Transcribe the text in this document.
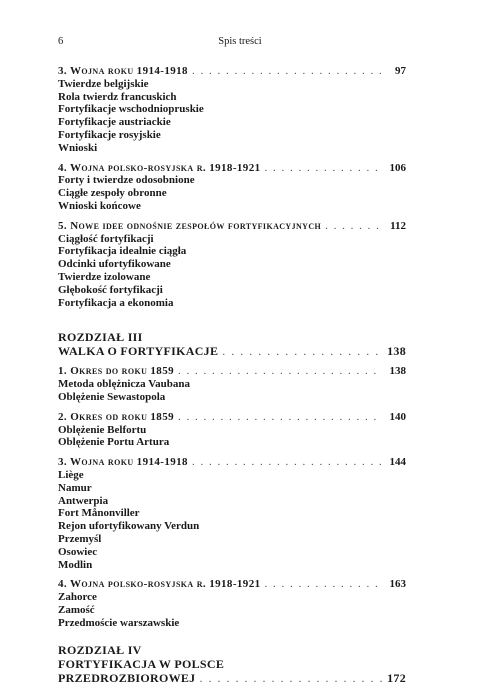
6	Spis treści
3. Wojna roku 1914-1918 . . .	97
Twierdze belgijskie
Rola twierdz francuskich
Fortyfikacje wschodniopruskie
Fortyfikacje austriackie
Fortyfikacje rosyjskie
Wnioski
4. Wojna polsko-rosyjska r. 1918-1921 . . .	106
Forty i twierdze odosobnione
Ciągłe zespoły obronne
Wnioski końcowe
5. Nowe idee odnośnie zespołów fortyfikacyjnych . . .	112
Ciągłość fortyfikacji
Fortyfikacja idealnie ciągła
Odcinki ufortyfikowane
Twierdze izolowane
Głębokość fortyfikacji
Fortyfikacja a ekonomia
ROZDZIAŁ III
WALKA O FORTYFIKACJE . . .	138
1. Okres do roku 1859 . . .	138
Metoda oblężnicza Vaubana
Oblężenie Sewastopola
2. Okres od roku 1859 . . .	140
Oblężenie Belfortu
Oblężenie Portu Artura
3. Wojna roku 1914-1918 . . .	144
Liège
Namur
Antwerpia
Fort Månonviller
Rejon ufortyfikowany Verdun
Przemyśl
Osowiec
Modlin
4. Wojna polsko-rosyjska r. 1918-1921 . . .	163
Zahorce
Zamość
Przedmoście warszawskie
ROZDZIAŁ IV
FORTYFIKACJA W POLSCE
PRZEDROZBIOROWEJ . . .	172
